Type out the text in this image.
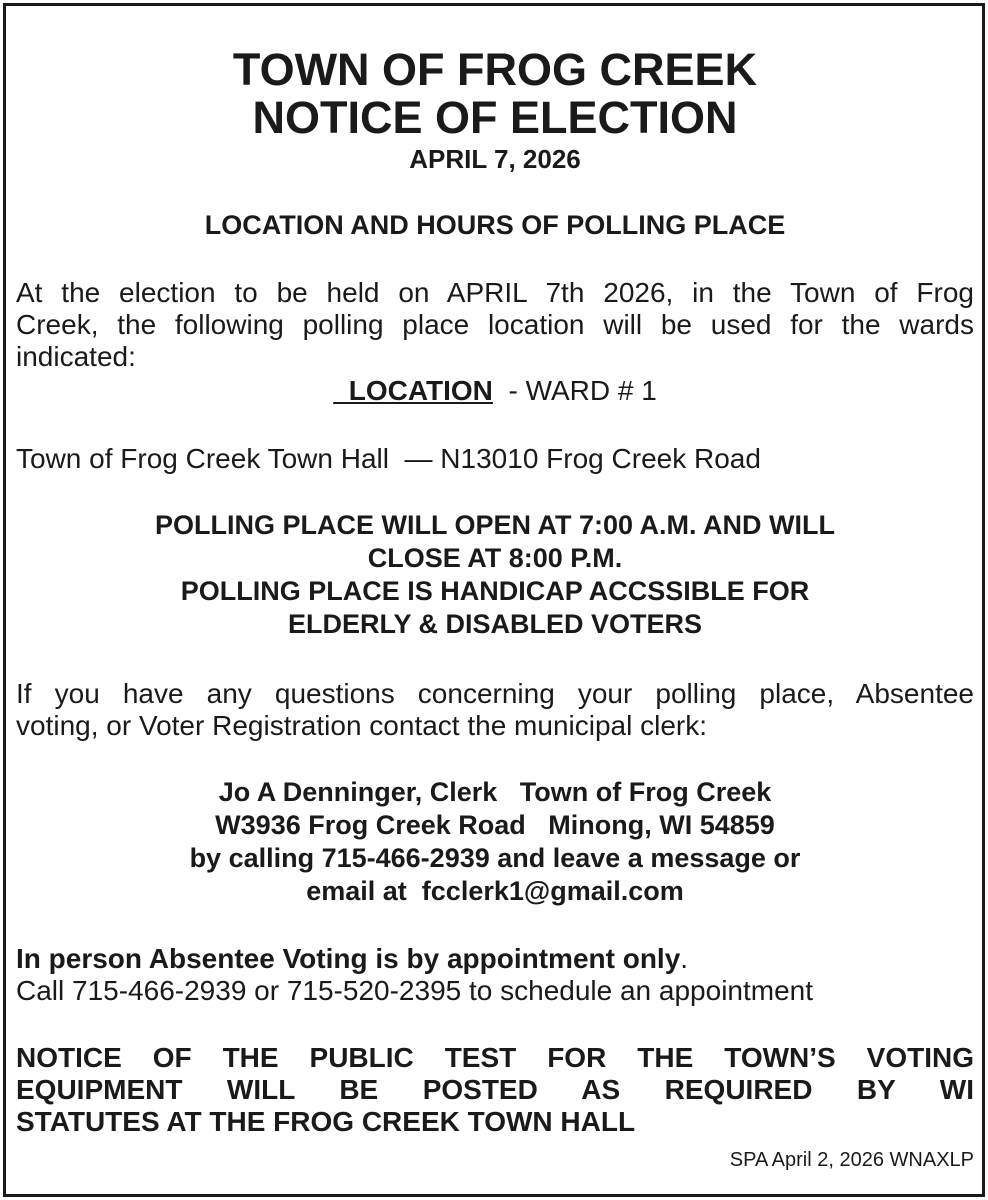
TOWN OF FROG CREEK
NOTICE OF ELECTION
APRIL 7, 2026
LOCATION AND HOURS OF POLLING PLACE
At the election to be held on APRIL 7th 2026, in the Town of Frog
Creek, the following polling place location will be used for the wards
indicated:
LOCATION  - WARD # 1
Town of Frog Creek Town Hall  — N13010 Frog Creek Road
POLLING PLACE WILL OPEN AT 7:00 A.M. AND WILL
CLOSE AT 8:00 P.M.
POLLING PLACE IS HANDICAP ACCSSIBLE FOR
ELDERLY & DISABLED VOTERS
If you have any questions concerning your polling place, Absentee
voting, or Voter Registration contact the municipal clerk:
Jo A Denninger, Clerk   Town of Frog Creek
W3936 Frog Creek Road   Minong, WI 54859
by calling 715-466-2939 and leave a message or
email at  fcclerk1@gmail.com
In person Absentee Voting is by appointment only.
Call 715-466-2939 or 715-520-2395 to schedule an appointment
NOTICE OF THE PUBLIC TEST FOR THE TOWN’S VOTING
EQUIPMENT WILL BE POSTED AS REQUIRED BY WI
STATUTES AT THE FROG CREEK TOWN HALL
SPA April 2, 2026 WNAXLP
